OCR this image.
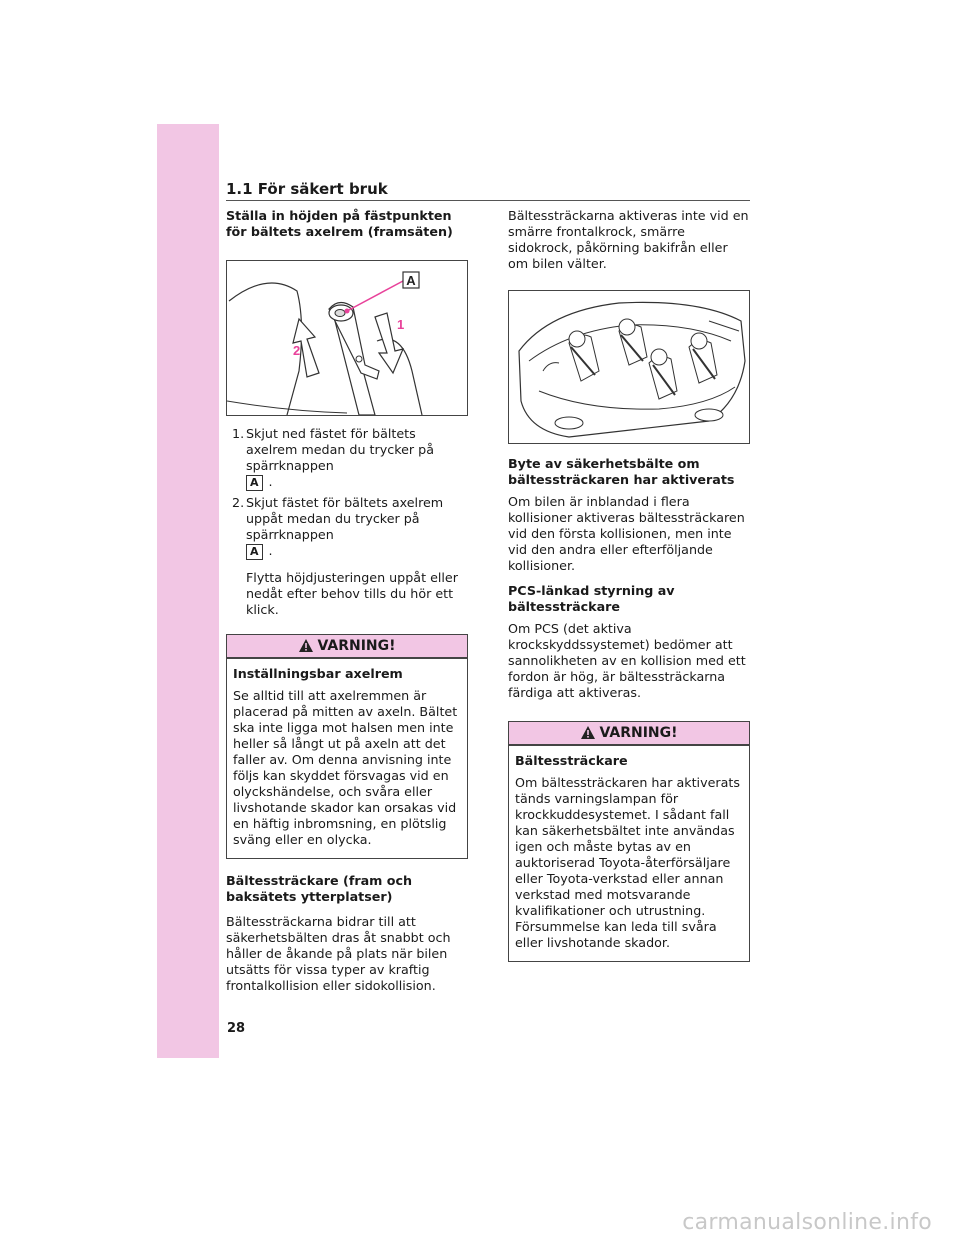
1.1 För säkert bruk
Ställa in höjden på fästpunkten för bältets axelrem (framsäten)
A
1
2
1. Skjut ned fästet för bältets axelrem medan du trycker på spärrknappen
A .
2. Skjut fästet för bältets axelrem uppåt medan du trycker på spärrknappen
A .
Flytta höjdjusteringen uppåt eller nedåt efter behov tills du hör ett klick.
VARNING!

Inställningsbar axelrem

Se alltid till att axelremmen är placerad på mitten av axeln. Bältet ska inte ligga mot halsen men inte heller så långt ut på axeln att det faller av. Om denna anvisning inte följs kan skyddet försvagas vid en olyckshändelse, och svåra eller livshotande skador kan orsakas vid en häftig inbromsning, en plötslig sväng eller en olycka.

Bältessträckare (fram och baksätets ytterplatser)

Bältessträckarna bidrar till att säkerhetsbälten dras åt snabbt och håller de åkande på plats när bilen utsätts för vissa typer av kraftig frontalkollision eller sidokollision.

Bältessträckarna aktiveras inte vid en smärre frontalkrock, smärre sidokrock, påkörning bakifrån eller om bilen välter.

Byte av säkerhetsbälte om bältessträckaren har aktiverats

Om bilen är inblandad i flera kollisioner aktiveras bältessträckaren vid den första kollisionen, men inte vid den andra eller efterföljande kollisioner.

PCS-länkad styrning av bältessträckare

Om PCS (det aktiva krockskyddssystemet) bedömer att sannolikheten av en kollision med ett fordon är hög, är bältessträckarna färdiga att aktiveras.

VARNING!

Bältessträckare

Om bältessträckaren har aktiverats tänds varningslampan för krockkuddesystemet. I sådant fall kan säkerhetsbältet inte användas igen och måste bytas av en auktoriserad Toyota-återförsäljare eller Toyota-verkstad eller annan verkstad med motsvarande kvalifikationer och utrustning. Försummelse kan leda till svåra eller livshotande skador.

28
carmanualsonline.info
